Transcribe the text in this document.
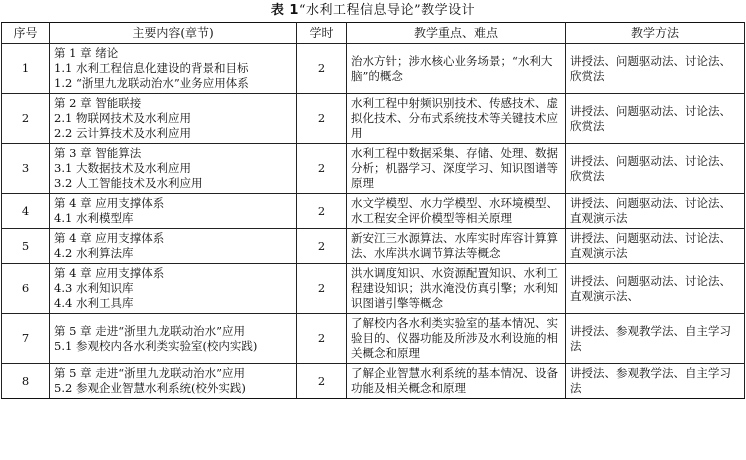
表 1“水利工程信息导论”教学设计
序号	主要内容(章节)	学时	教学重点、难点	教学方法
1	第 1 章 绪论
1.1 水利工程信息化建设的背景和目标
1.2 “浙里九龙联动治水”业务应用体系	2	治水方针；涉水核心业务场景；“水利大脑”的概念	讲授法、问题驱动法、讨论法、欣赏法

2	第 2 章 智能联接
2.1 物联网技术及水利应用
2.2 云计算技术及水利应用	2	水利工程中射频识别技术、传感技术、虚拟化技术、分布式系统技术等关键技术应用	讲授法、问题驱动法、讨论法、欣赏法

3	第 3 章 智能算法
3.1 大数据技术及水利应用
3.2 人工智能技术及水利应用	2	水利工程中数据采集、存储、处理、数据分析；机器学习、深度学习、知识图谱等原理	讲授法、问题驱动法、讨论法、欣赏法

4	第 4 章 应用支撑体系
4.1 水利模型库	2	水文学模型、水力学模型、水环境模型、水工程安全评价模型等相关原理	讲授法、问题驱动法、讨论法、直观演示法

5	第 4 章 应用支撑体系
4.2 水利算法库	2	新安江三水源算法、水库实时库容计算算法、水库洪水调节算法等概念	讲授法、问题驱动法、讨论法、直观演示法

6	第 4 章 应用支撑体系
4.3 水利知识库
4.4 水利工具库	2	洪水调度知识、水资源配置知识、水利工程建设知识；洪水淹没仿真引擎；水利知识图谱引擎等概念	讲授法、问题驱动法、讨论法、直观演示法、

7	第 5 章 走进“浙里九龙联动治水”应用
5.1 参观校内各水利类实验室(校内实践)	2	了解校内各水利类实验室的基本情况、实验目的、仪器功能及所涉及水利设施的相关概念和原理	讲授法、参观教学法、自主学习法

8	第 5 章 走进“浙里九龙联动治水”应用
5.2 参观企业智慧水利系统(校外实践)	2	了解企业智慧水利系统的基本情况、设备功能及相关概念和原理	讲授法、参观教学法、自主学习法
